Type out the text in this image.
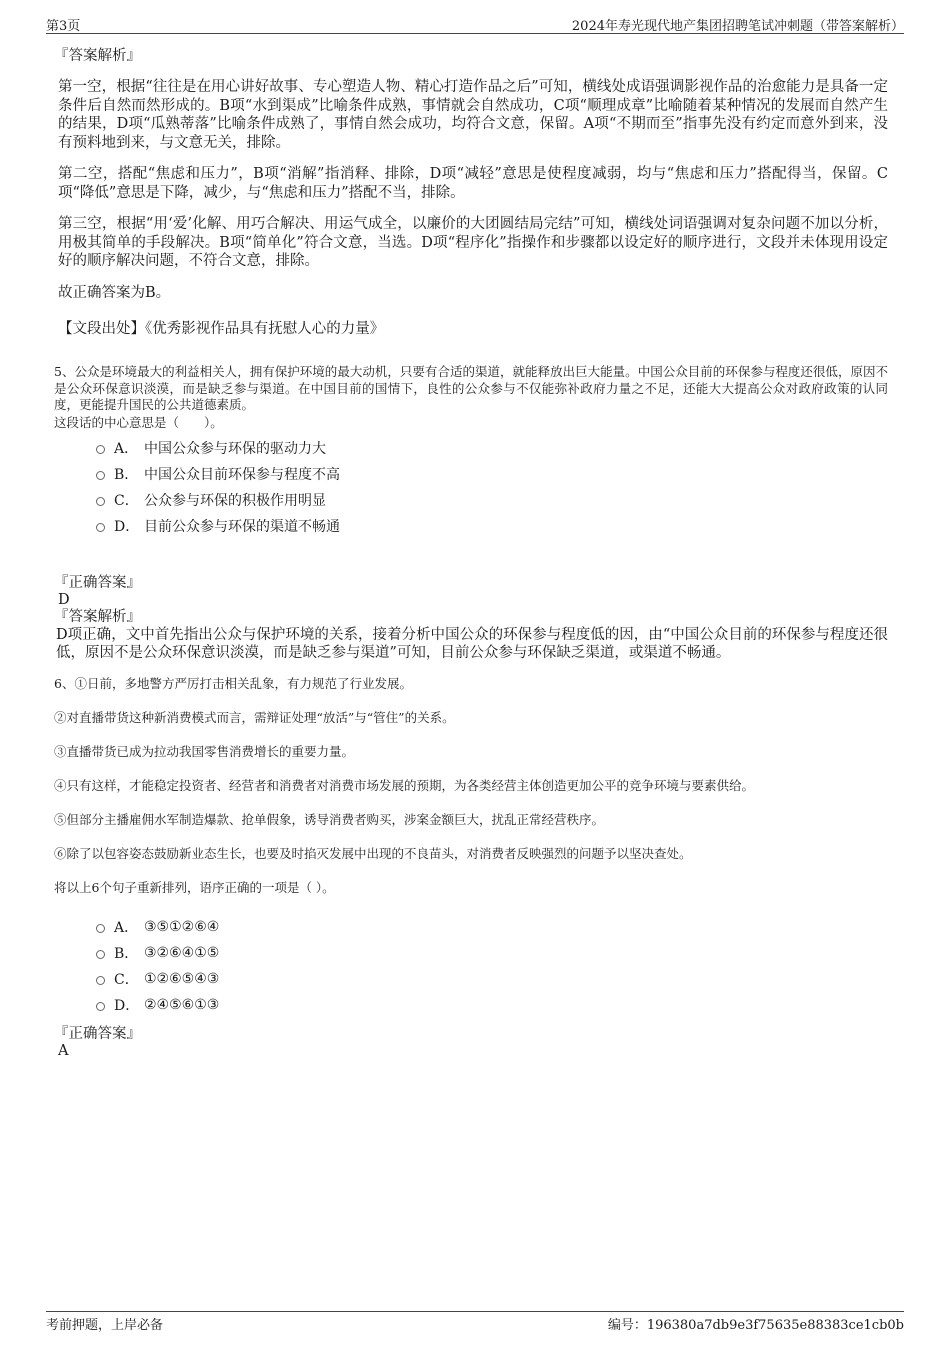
第3页	2024年寿光现代地产集团招聘笔试冲刺题（带答案解析）
『答案解析』

第一空，根据“往往是在用心讲好故事、专心塑造人物、精心打造作品之后”可知，横线处成语强调影视作品的治愈能力是具备一定条件后自然而然形成的。B项“水到渠成”比喻条件成熟，事情就会自然成功，C项“顺理成章”比喻随着某种情况的发展而自然产生的结果，D项“瓜熟蒂落”比喻条件成熟了，事情自然会成功，均符合文意，保留。A项“不期而至”指事先没有约定而意外到来，没有预料地到来，与文意无关，排除。

第二空，搭配“焦虑和压力”，B项“消解”指消释、排除，D项“减轻”意思是使程度减弱，均与“焦虑和压力”搭配得当，保留。C项“降低”意思是下降，减少，与“焦虑和压力”搭配不当，排除。

第三空，根据“用‘爱’化解、用巧合解决、用运气成全，以廉价的大团圆结局完结”可知，横线处词语强调对复杂问题不加以分析，用极其简单的手段解决。B项“简单化”符合文意，当选。D项“程序化”指操作和步骤都以设定好的顺序进行，文段并未体现用设定好的顺序解决问题，不符合文意，排除。

故正确答案为B。

【文段出处】《优秀影视作品具有抚慰人心的力量》

5、公众是环境最大的利益相关人，拥有保护环境的最大动机，只要有合适的渠道，就能释放出巨大能量。中国公众目前的环保参与程度还很低，原因不是公众环保意识淡漠，而是缺乏参与渠道。在中国目前的国情下，良性的公众参与不仅能弥补政府力量之不足，还能大大提高公众对政府政策的认同度，更能提升国民的公共道德素质。

这段话的中心意思是（　　）。

A． 中国公众参与环保的驱动力大
B． 中国公众目前环保参与程度不高
C． 公众参与环保的积极作用明显
D． 目前公众参与环保的渠道不畅通
『正确答案』
D
『答案解析』
D项正确，文中首先指出公众与保护环境的关系，接着分析中国公众的环保参与程度低的因，由“中国公众目前的环保参与程度还很低，原因不是公众环保意识淡漠，而是缺乏参与渠道”可知，目前公众参与环保缺乏渠道，或渠道不畅通。

6、①日前，多地警方严厉打击相关乱象，有力规范了行业发展。

②对直播带货这种新消费模式而言，需辩证处理“放活”与“管住”的关系。

③直播带货已成为拉动我国零售消费增长的重要力量。

④只有这样，才能稳定投资者、经营者和消费者对消费市场发展的预期，为各类经营主体创造更加公平的竞争环境与要素供给。

⑤但部分主播雇佣水军制造爆款、抢单假象，诱导消费者购买，涉案金额巨大，扰乱正常经营秩序。

⑥除了以包容姿态鼓励新业态生长，也要及时掐灭发展中出现的不良苗头，对消费者反映强烈的问题予以坚决查处。

将以上6个句子重新排列，语序正确的一项是（ ）。

A． ③⑤①②⑥④
B． ③②⑥④①⑤
C． ①②⑥⑤④③
D． ②④⑤⑥①③
『正确答案』
A
考前押题，上岸必备	编号：196380a7db9e3f75635e88383ce1cb0b
